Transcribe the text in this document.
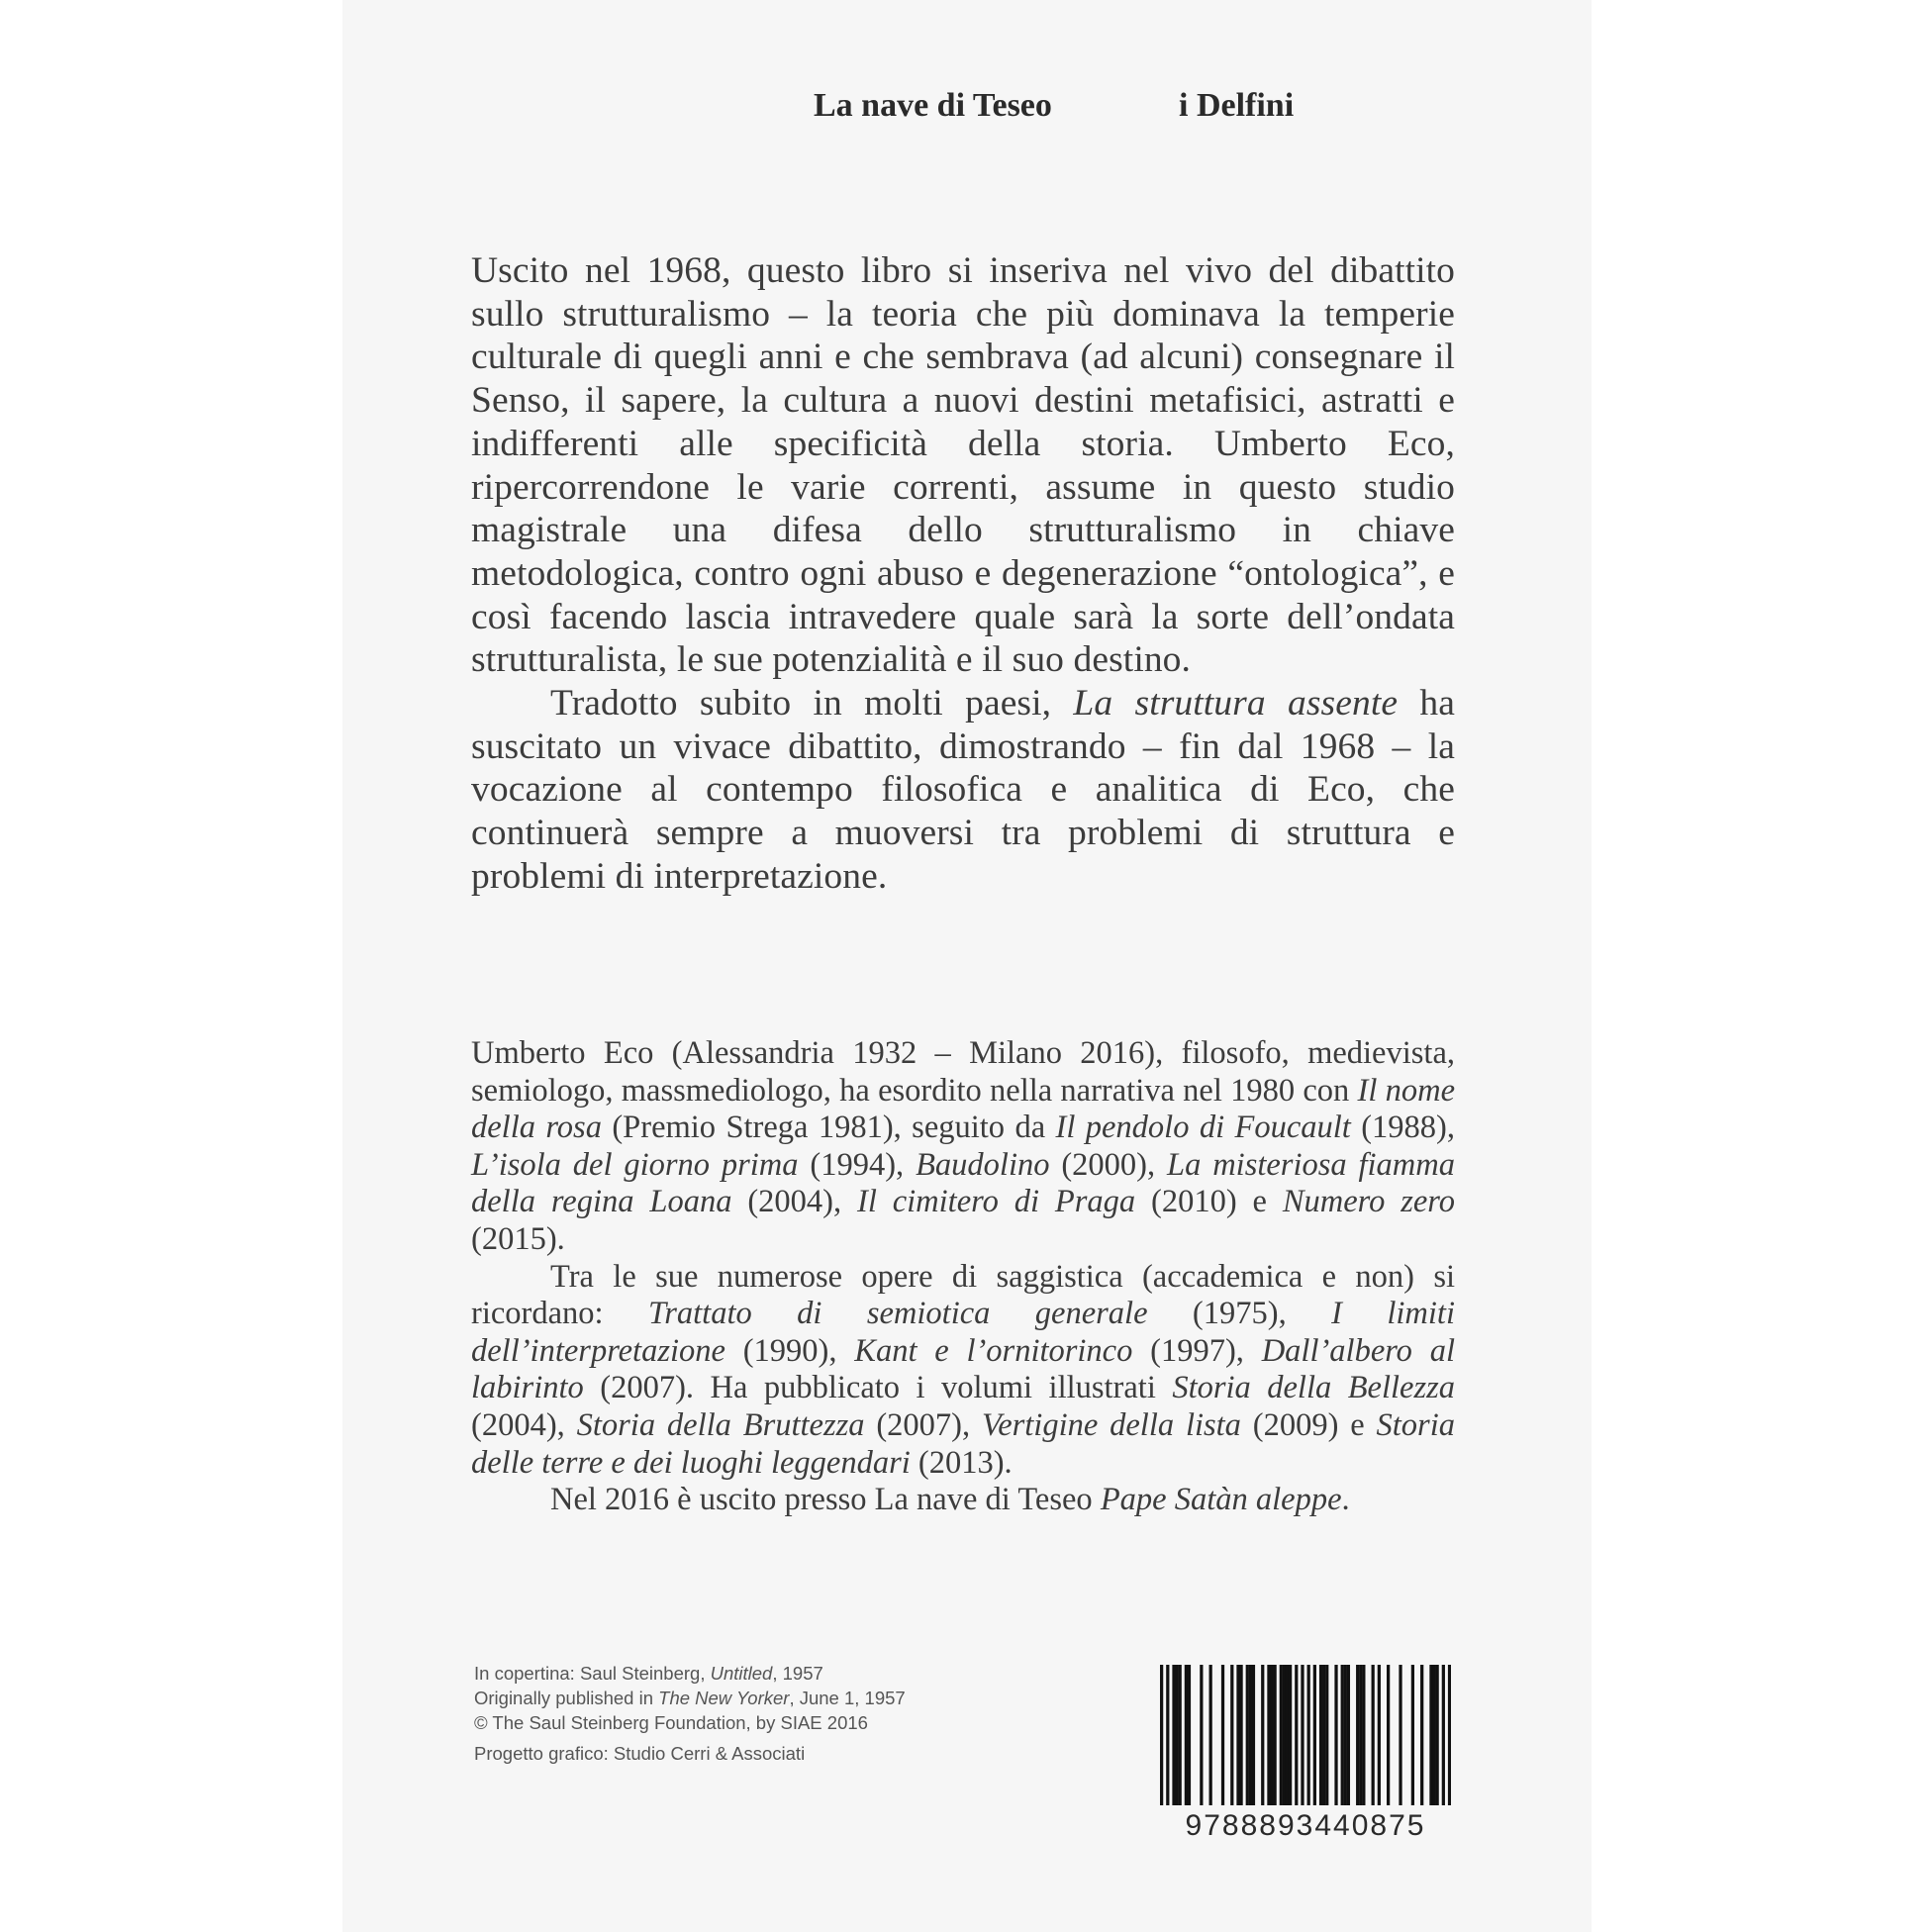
La nave di Teseo	i Delfini

Uscito nel 1968, questo libro si inseriva nel vivo del dibattito sullo strutturalismo – la teoria che più dominava la temperie culturale di quegli anni e che sembrava (ad alcuni) consegnare il Senso, il sapere, la cultura a nuovi destini metafisici, astratti e indifferenti alle specificità della storia. Umberto Eco, ripercorrendone le varie correnti, assume in questo studio magistrale una difesa dello strutturalismo in chiave metodologica, contro ogni abuso e degenerazione “ontologica”, e così facendo lascia intravedere quale sarà la sorte dell’ondata strutturalista, le sue potenzialità e il suo destino.

Tradotto subito in molti paesi, La struttura assente ha suscitato un vivace dibattito, dimostrando – fin dal 1968 – la vocazione al contempo filosofica e analitica di Eco, che continuerà sempre a muoversi tra problemi di struttura e problemi di interpretazione.

Umberto Eco (Alessandria 1932 – Milano 2016), filosofo, medievista, semiologo, massmediologo, ha esordito nella narrativa nel 1980 con Il nome della rosa (Premio Strega 1981), seguito da Il pendolo di Foucault (1988), L’isola del giorno prima (1994), Baudolino (2000), La misteriosa fiamma della regina Loana (2004), Il cimitero di Praga (2010) e Numero zero (2015).

Tra le sue numerose opere di saggistica (accademica e non) si ricordano: Trattato di semiotica generale (1975), I limiti dell’interpretazione (1990), Kant e l’ornitorinco (1997), Dall’albero al labirinto (2007). Ha pubblicato i volumi illustrati Storia della Bellezza (2004), Storia della Bruttezza (2007), Vertigine della lista (2009) e Storia delle terre e dei luoghi leggendari (2013).

Nel 2016 è uscito presso La nave di Teseo Pape Satàn aleppe.

In copertina: Saul Steinberg, Untitled, 1957
Originally published in The New Yorker, June 1, 1957
© The Saul Steinberg Foundation, by SIAE 2016
Progetto grafico: Studio Cerri & Associati
9788893440875
